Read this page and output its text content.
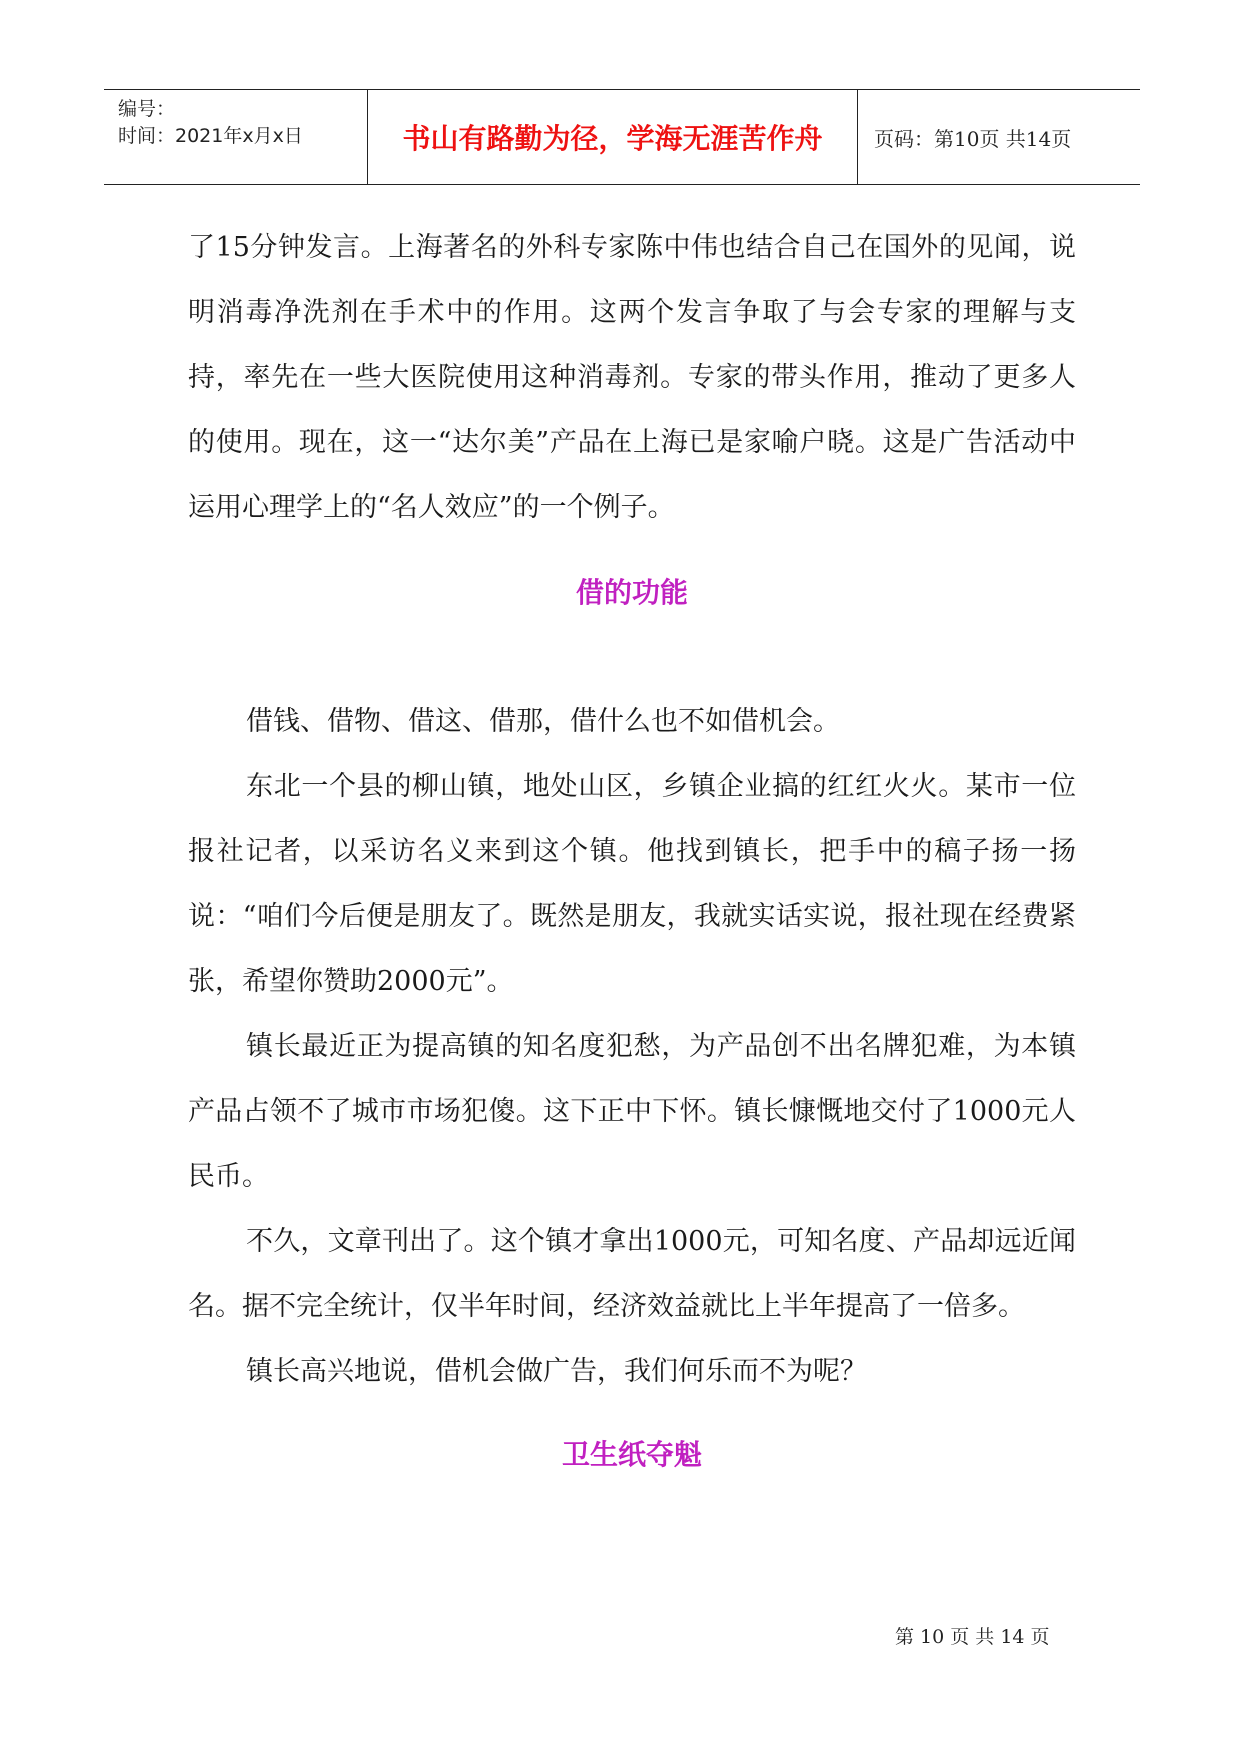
编号：
时间：2021年x月x日	书山有路勤为径，学海无涯苦作舟	页码：第10页 共14页

了15分钟发言。上海著名的外科专家陈中伟也结合自己在国外的见闻，说明消毒净洗剂在手术中的作用。这两个发言争取了与会专家的理解与支持，率先在一些大医院使用这种消毒剂。专家的带头作用，推动了更多人的使用。现在，这一“达尔美”产品在上海已是家喻户晓。这是广告活动中运用心理学上的“名人效应”的一个例子。

借的功能

借钱、借物、借这、借那，借什么也不如借机会。

东北一个县的柳山镇，地处山区，乡镇企业搞的红红火火。某市一位报社记者，以采访名义来到这个镇。他找到镇长，把手中的稿子扬一扬说：“咱们今后便是朋友了。既然是朋友，我就实话实说，报社现在经费紧张，希望你赞助2000元”。

镇长最近正为提高镇的知名度犯愁，为产品创不出名牌犯难，为本镇产品占领不了城市市场犯傻。这下正中下怀。镇长慷慨地交付了1000元人民币。

不久，文章刊出了。这个镇才拿出1000元，可知名度、产品却远近闻名。据不完全统计，仅半年时间，经济效益就比上半年提高了一倍多。

镇长高兴地说，借机会做广告，我们何乐而不为呢？

卫生纸夺魁
第 10 页 共 14 页
